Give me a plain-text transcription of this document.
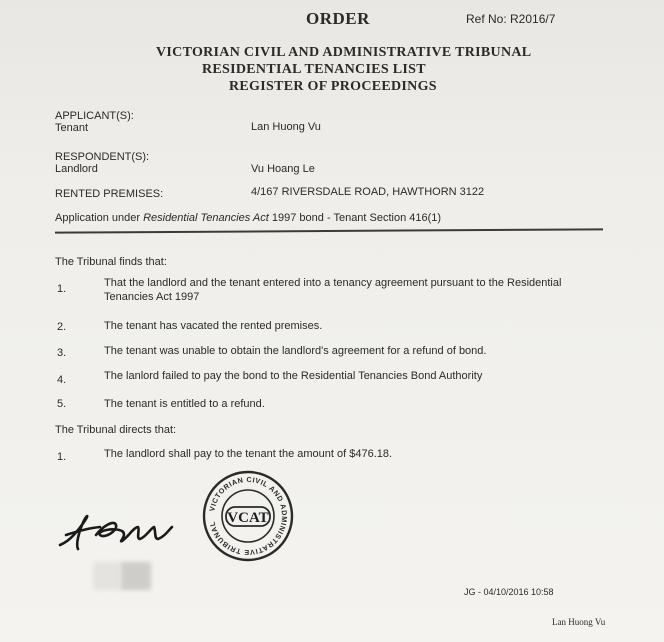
ORDER	Ref No: R2016/7
VICTORIAN CIVIL AND ADMINISTRATIVE TRIBUNAL
RESIDENTIAL TENANCIES LIST
REGISTER OF PROCEEDINGS
APPLICANT(S):
Tenant	Lan Huong Vu
RESPONDENT(S):
Landlord	Vu Hoang Le
RENTED PREMISES:	4/167 RIVERSDALE ROAD, HAWTHORN 3122
Application under Residential Tenancies Act 1997 bond - Tenant Section 416(1)
The Tribunal finds that:
1.	That the landlord and the tenant entered into a tenancy agreement pursuant to the Residential
Tenancies Act 1997
2.	The tenant has vacated the rented premises.
3.	The tenant was unable to obtain the landlord's agreement for a refund of bond.
4.	The lanlord failed to pay the bond to the Residential Tenancies Bond Authority
5.	The tenant is entitled to a refund.
The Tribunal directs that:
1.	The landlord shall pay to the tenant the amount of $476.18.
VCAT
VICTORIAN CIVIL AND ADMINISTRATIVE TRIBUNAL
JG - 04/10/2016 10:58
Lan Huong Vu
